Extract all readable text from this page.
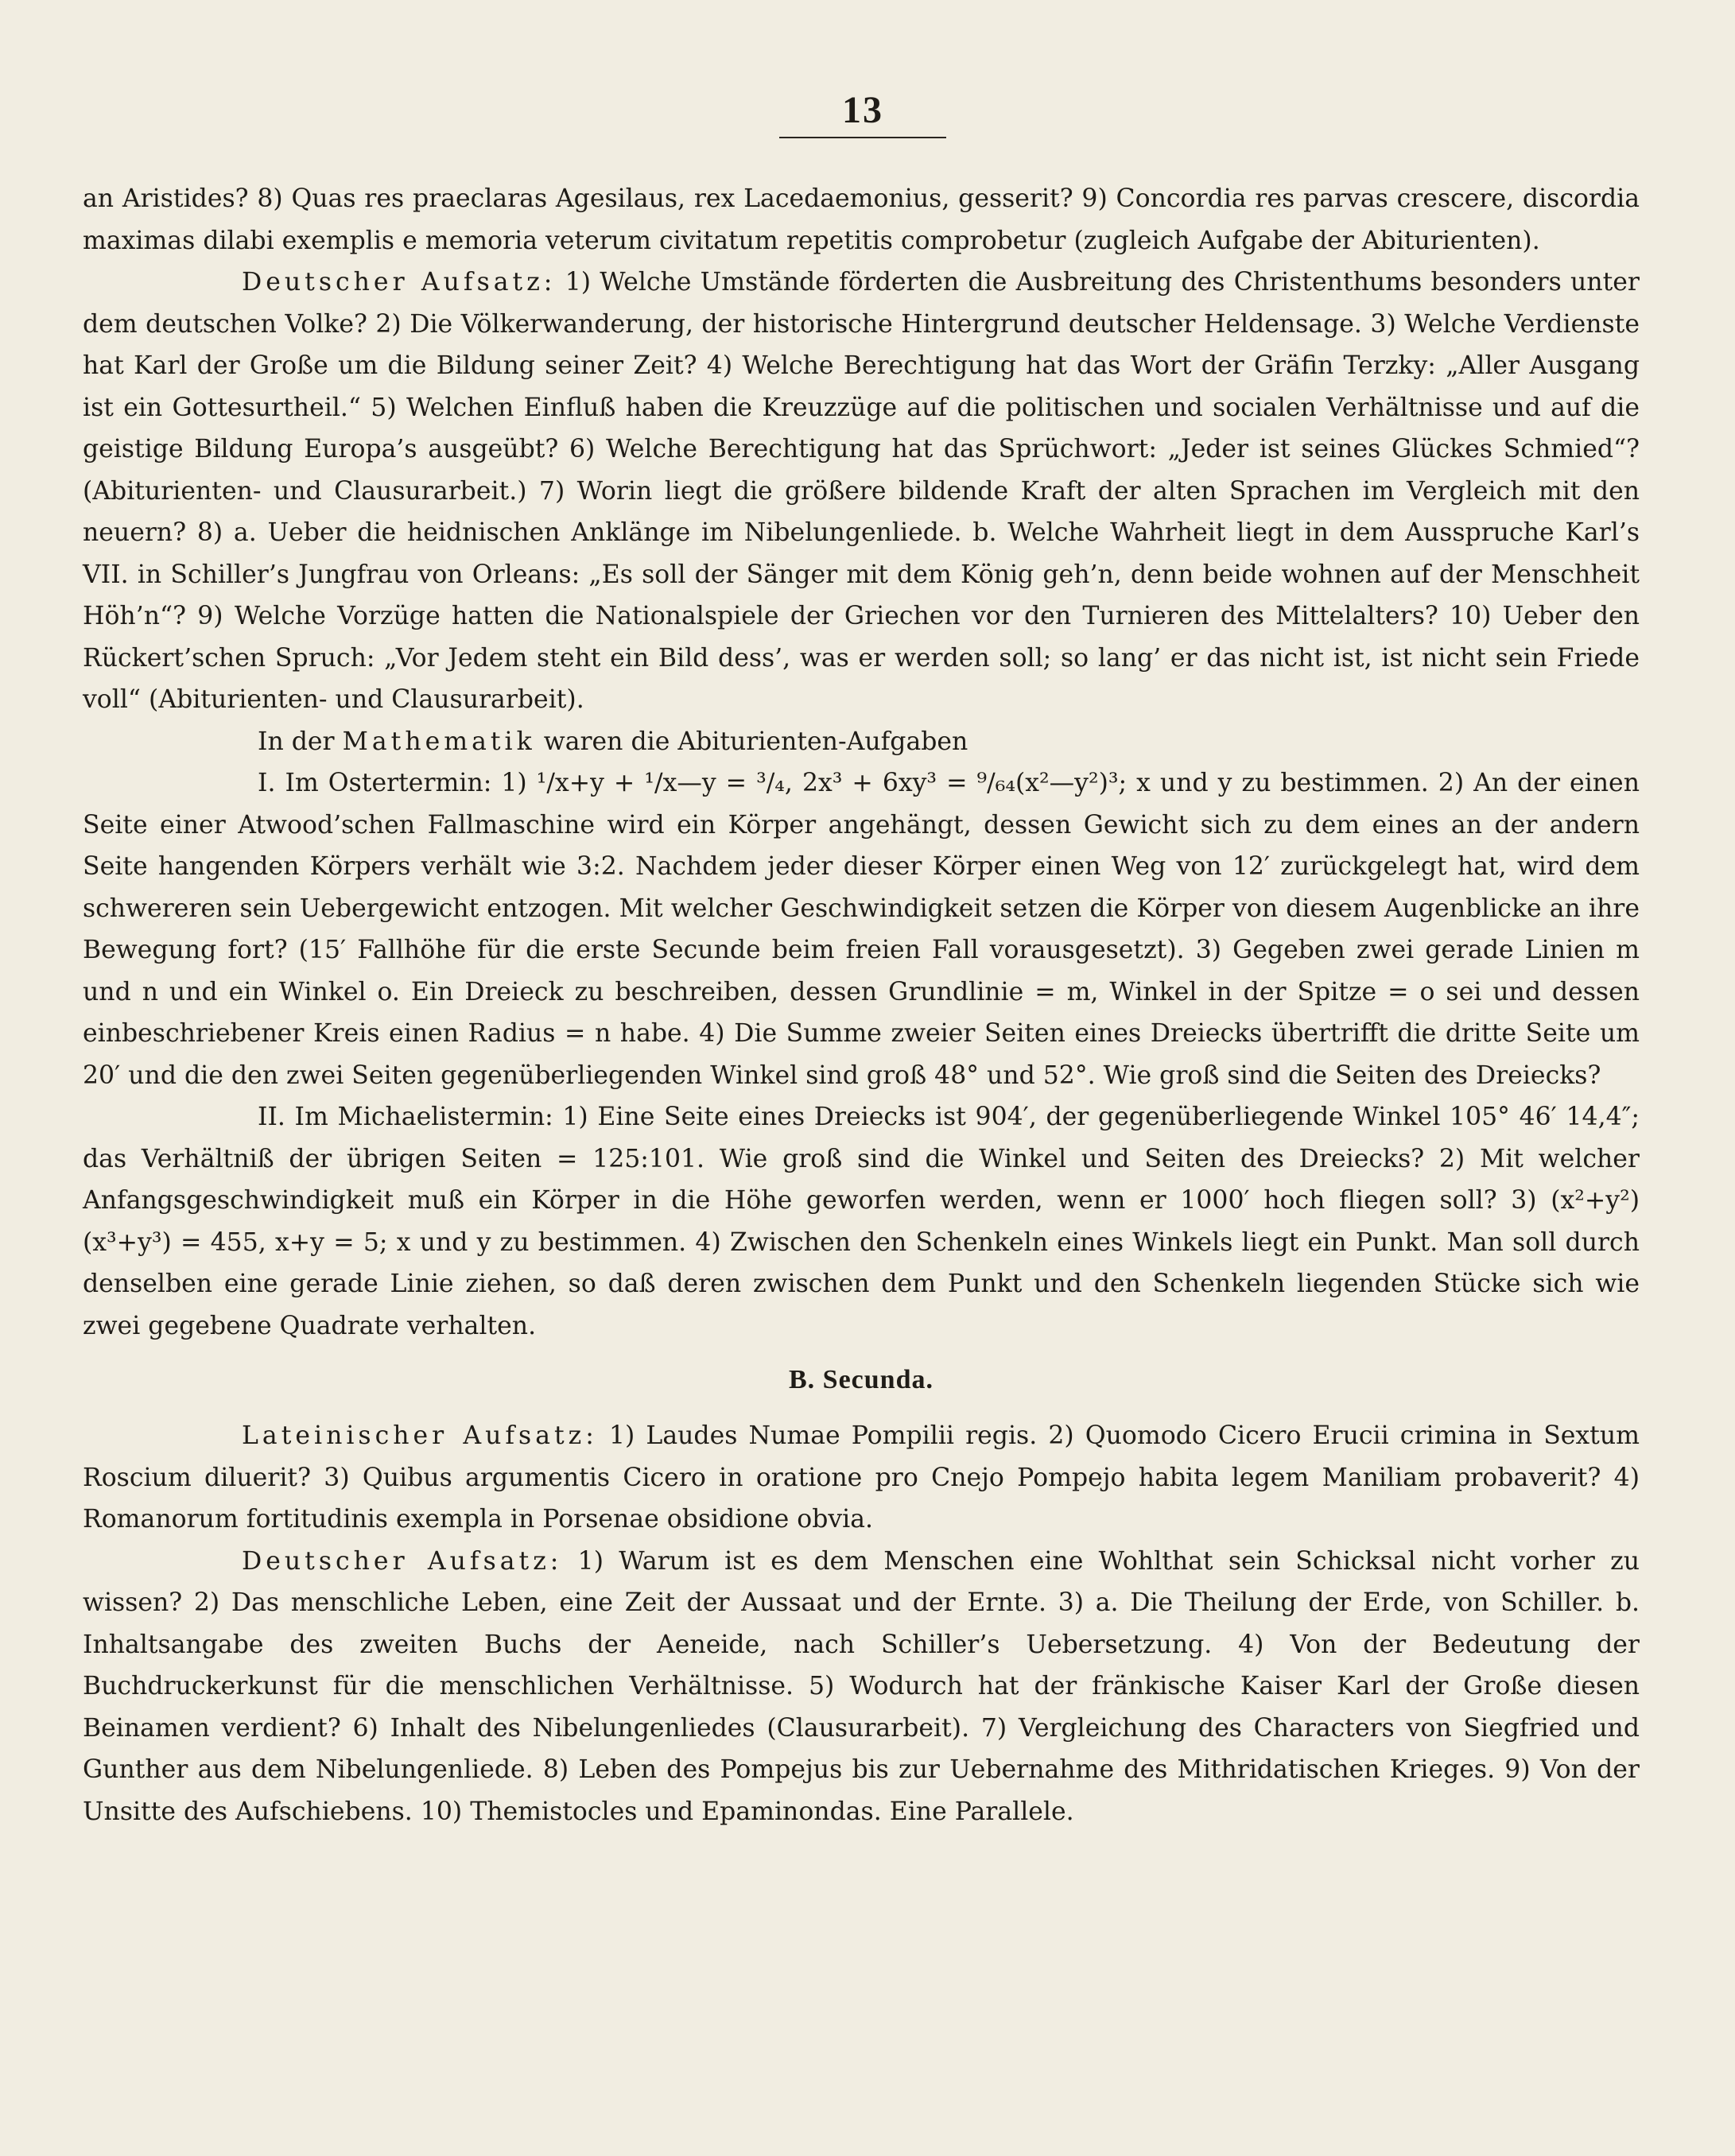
13

an Aristides? 8) Quas res praeclaras Agesilaus, rex Lacedaemonius, gesserit? 9) Concordia res parvas crescere, discordia maximas dilabi exemplis e memoria veterum civitatum repetitis comprobetur (zugleich Aufgabe der Abiturienten).

Deutscher Aufsatz: 1) Welche Umstände förderten die Ausbreitung des Christenthums besonders unter dem deutschen Volke? 2) Die Völkerwanderung, der historische Hintergrund deutscher Heldensage. 3) Welche Verdienste hat Karl der Große um die Bildung seiner Zeit? 4) Welche Berechtigung hat das Wort der Gräfin Terzky: „Aller Ausgang ist ein Gottesurtheil.“ 5) Welchen Einfluß haben die Kreuzzüge auf die politischen und socialen Verhältnisse und auf die geistige Bildung Europa’s ausgeübt? 6) Welche Berechtigung hat das Sprüchwort: „Jeder ist seines Glückes Schmied“? (Abiturienten- und Clausurarbeit.) 7) Worin liegt die größere bildende Kraft der alten Sprachen im Vergleich mit den neuern? 8) a. Ueber die heidnischen Anklänge im Nibelungenliede. b. Welche Wahrheit liegt in dem Ausspruche Karl’s VII. in Schiller’s Jungfrau von Orleans: „Es soll der Sänger mit dem König geh’n, denn beide wohnen auf der Menschheit Höh’n“? 9) Welche Vorzüge hatten die Nationalspiele der Griechen vor den Turnieren des Mittelalters? 10) Ueber den Rückert’schen Spruch: „Vor Jedem steht ein Bild dess’, was er werden soll; so lang’ er das nicht ist, ist nicht sein Friede voll“ (Abiturienten- und Clausurarbeit).

In der Mathematik waren die Abiturienten-Aufgaben

I. Im Ostertermin: 1) ¹/x+y + ¹/x—y = ³/₄, 2x³ + 6xy³ = ⁹/₆₄(x²—y²)³; x und y zu bestimmen. 2) An der einen Seite einer Atwood’schen Fallmaschine wird ein Körper angehängt, dessen Gewicht sich zu dem eines an der andern Seite hangenden Körpers verhält wie 3:2. Nachdem jeder dieser Körper einen Weg von 12′ zurückgelegt hat, wird dem schwereren sein Uebergewicht entzogen. Mit welcher Geschwindigkeit setzen die Körper von diesem Augenblicke an ihre Bewegung fort? (15′ Fallhöhe für die erste Secunde beim freien Fall vorausgesetzt). 3) Gegeben zwei gerade Linien m und n und ein Winkel o. Ein Dreieck zu beschreiben, dessen Grundlinie = m, Winkel in der Spitze = o sei und dessen einbeschriebener Kreis einen Radius = n habe. 4) Die Summe zweier Seiten eines Dreiecks übertrifft die dritte Seite um 20′ und die den zwei Seiten gegenüberliegenden Winkel sind groß 48° und 52°. Wie groß sind die Seiten des Dreiecks?

II. Im Michaelistermin: 1) Eine Seite eines Dreiecks ist 904′, der gegenüberliegende Winkel 105° 46′ 14,4″; das Verhältniß der übrigen Seiten = 125:101. Wie groß sind die Winkel und Seiten des Dreiecks? 2) Mit welcher Anfangsgeschwindigkeit muß ein Körper in die Höhe geworfen werden, wenn er 1000′ hoch fliegen soll? 3) (x²+y²) (x³+y³) = 455, x+y = 5; x und y zu bestimmen. 4) Zwischen den Schenkeln eines Winkels liegt ein Punkt. Man soll durch denselben eine gerade Linie ziehen, so daß deren zwischen dem Punkt und den Schenkeln liegenden Stücke sich wie zwei gegebene Quadrate verhalten.

B. Secunda.

Lateinischer Aufsatz: 1) Laudes Numae Pompilii regis. 2) Quomodo Cicero Erucii crimina in Sextum Roscium diluerit? 3) Quibus argumentis Cicero in oratione pro Cnejo Pompejo habita legem Maniliam probaverit? 4) Romanorum fortitudinis exempla in Porsenae obsidione obvia.

Deutscher Aufsatz: 1) Warum ist es dem Menschen eine Wohlthat sein Schicksal nicht vorher zu wissen? 2) Das menschliche Leben, eine Zeit der Aussaat und der Ernte. 3) a. Die Theilung der Erde, von Schiller. b. Inhaltsangabe des zweiten Buchs der Aeneide, nach Schiller’s Uebersetzung. 4) Von der Bedeutung der Buchdruckerkunst für die menschlichen Verhältnisse. 5) Wodurch hat der fränkische Kaiser Karl der Große diesen Beinamen verdient? 6) Inhalt des Nibelungenliedes (Clausurarbeit). 7) Vergleichung des Characters von Siegfried und Gunther aus dem Nibelungenliede. 8) Leben des Pompejus bis zur Uebernahme des Mithridatischen Krieges. 9) Von der Unsitte des Aufschiebens. 10) Themistocles und Epaminondas. Eine Parallele.
